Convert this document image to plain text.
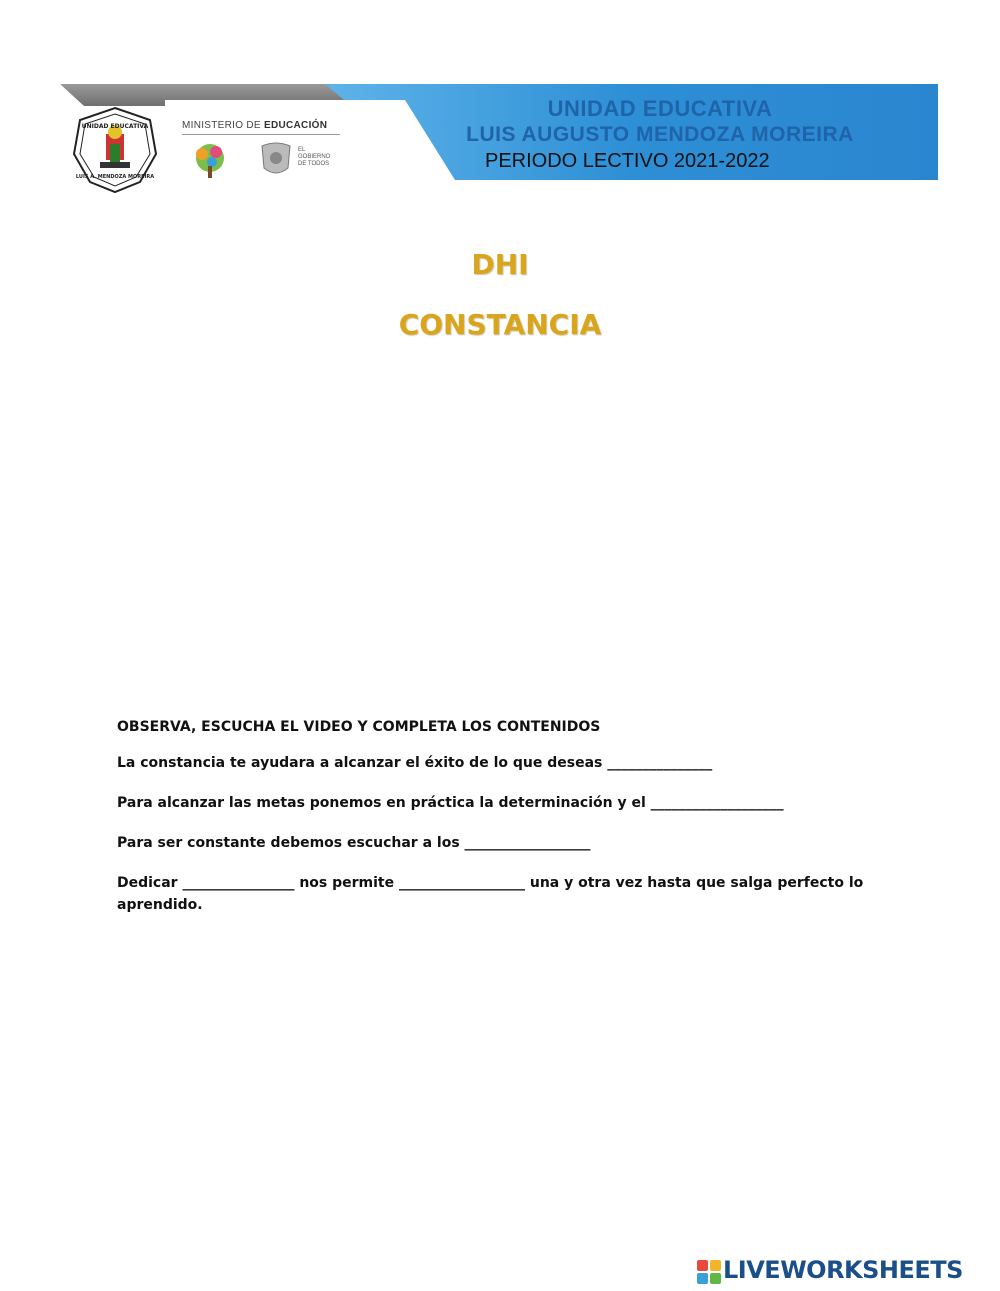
UNIDAD EDUCATIVA
LUIS A. MENDOZA MOREIRA
MINISTERIO DE EDUCACIÓN
EL GOBIERNO DE TODOS
UNIDAD EDUCATIVA
LUIS AUGUSTO MENDOZA MOREIRA
PERIODO LECTIVO 2021-2022
DHI
CONSTANCIA

OBSERVA, ESCUCHA EL VIDEO Y COMPLETA LOS CONTENIDOS

La constancia te ayudara a alcanzar el éxito de lo que deseas _______________

Para alcanzar las metas ponemos en práctica la determinación y el ___________________

Para ser constante debemos escuchar a los __________________

Dedicar ________________ nos permite __________________ una y otra vez hasta que salga perfecto lo aprendido.

LIVEWORKSHEETS
